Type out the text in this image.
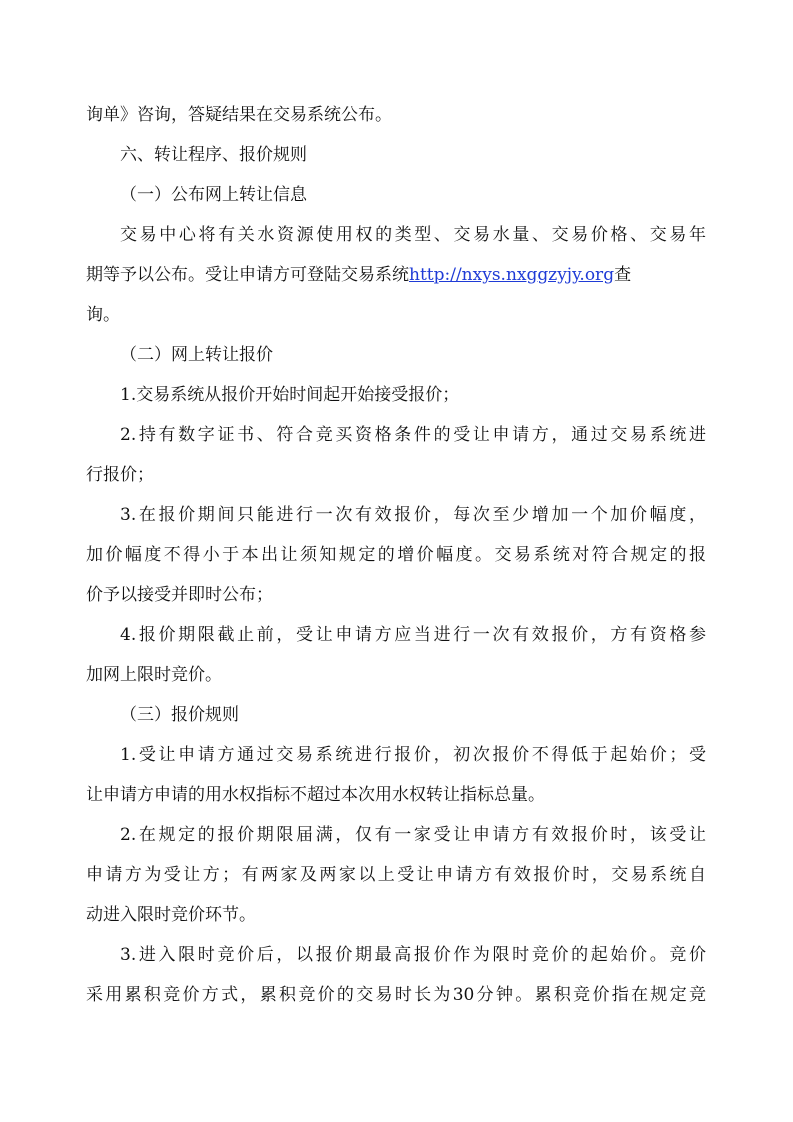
询单》咨询，答疑结果在交易系统公布。
六、转让程序、报价规则
（一）公布网上转让信息
交易中心将有关水资源使用权的类型、交易水量、交易价格、交易年
期等予以公布。受让申请方可登陆交易系统http://nxys.nxggzyjy.org查
询。
（二）网上转让报价
1.交易系统从报价开始时间起开始接受报价；
2.持有数字证书、符合竞买资格条件的受让申请方，通过交易系统进
行报价；
3.在报价期间只能进行一次有效报价，每次至少增加一个加价幅度，
加价幅度不得小于本出让须知规定的增价幅度。交易系统对符合规定的报
价予以接受并即时公布；
4.报价期限截止前，受让申请方应当进行一次有效报价，方有资格参
加网上限时竞价。
（三）报价规则
1.受让申请方通过交易系统进行报价，初次报价不得低于起始价；受
让申请方申请的用水权指标不超过本次用水权转让指标总量。
2.在规定的报价期限届满，仅有一家受让申请方有效报价时，该受让
申请方为受让方；有两家及两家以上受让申请方有效报价时，交易系统自
动进入限时竞价环节。
3.进入限时竞价后，以报价期最高报价作为限时竞价的起始价。竞价
采用累积竞价方式，累积竞价的交易时长为30分钟。累积竞价指在规定竞
